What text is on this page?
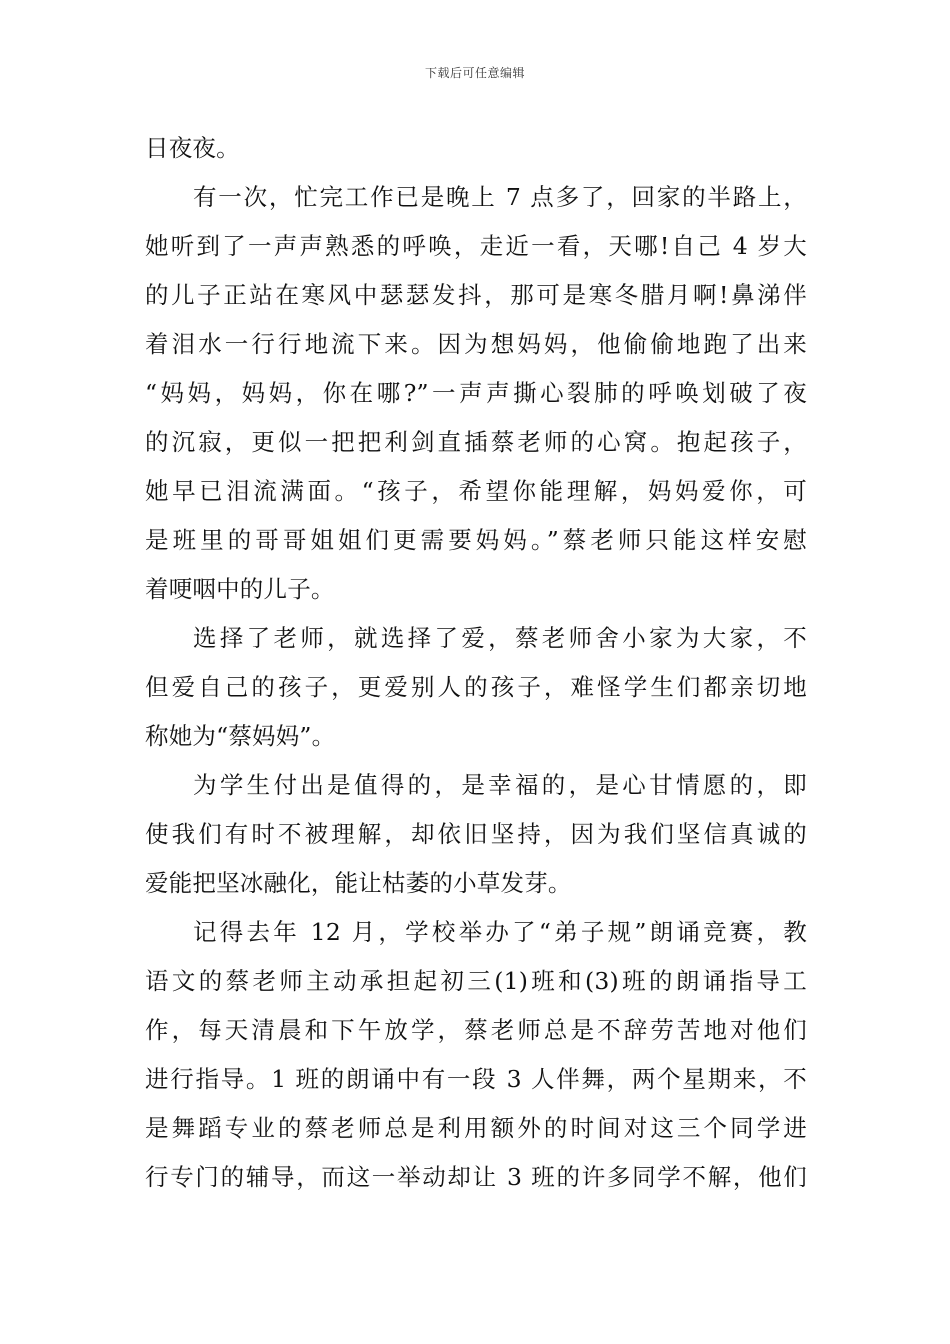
下载后可任意编辑
日夜夜。
有一次，忙完工作已是晚上 7 点多了，回家的半路上，
她听到了一声声熟悉的呼唤，走近一看，天哪!自己 4 岁大
的儿子正站在寒风中瑟瑟发抖，那可是寒冬腊月啊!鼻涕伴
着泪水一行行地流下来。因为想妈妈，他偷偷地跑了出来
“妈妈，妈妈，你在哪?”一声声撕心裂肺的呼唤划破了夜
的沉寂，更似一把把利剑直插蔡老师的心窝。抱起孩子，
她早已泪流满面。“孩子，希望你能理解，妈妈爱你，可
是班里的哥哥姐姐们更需要妈妈。”蔡老师只能这样安慰
着哽咽中的儿子。
选择了老师，就选择了爱，蔡老师舍小家为大家，不
但爱自己的孩子，更爱别人的孩子，难怪学生们都亲切地
称她为“蔡妈妈”。
为学生付出是值得的，是幸福的，是心甘情愿的，即
使我们有时不被理解，却依旧坚持，因为我们坚信真诚的
爱能把坚冰融化，能让枯萎的小草发芽。
记得去年 12 月，学校举办了“弟子规”朗诵竞赛，教
语文的蔡老师主动承担起初三(1)班和(3)班的朗诵指导工
作，每天清晨和下午放学，蔡老师总是不辞劳苦地对他们
进行指导。1 班的朗诵中有一段 3 人伴舞，两个星期来，不
是舞蹈专业的蔡老师总是利用额外的时间对这三个同学进
行专门的辅导，而这一举动却让 3 班的许多同学不解，他们
